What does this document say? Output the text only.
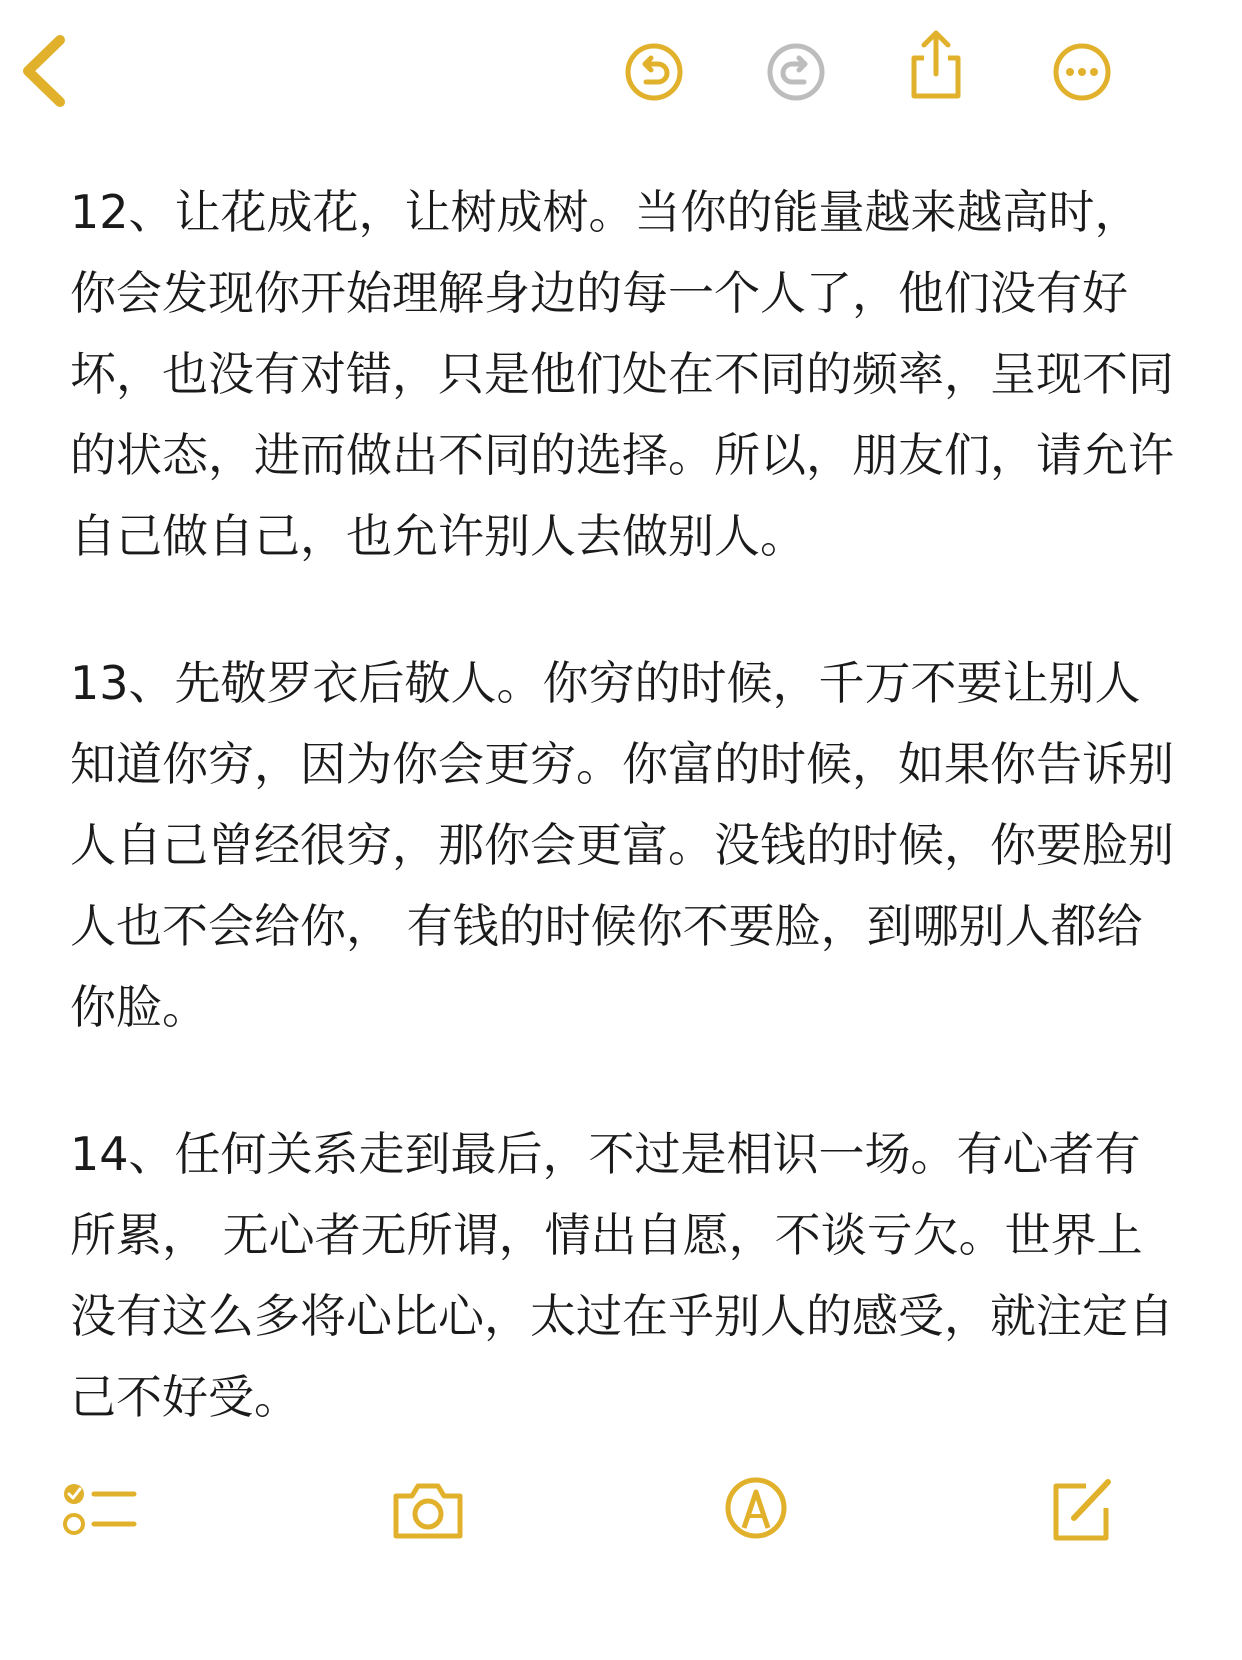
12、让花成花，让树成树。当你的能量越来越高时，你会发现你开始理解身边的每一个人了，他们没有好坏，也没有对错，只是他们处在不同的频率，呈现不同的状态，进而做出不同的选择。所以，朋友们，请允许自己做自己，也允许别人去做别人。

13、先敬罗衣后敬人。你穷的时候，千万不要让别人知道你穷，因为你会更穷。你富的时候，如果你告诉别人自己曾经很穷，那你会更富。没钱的时候，你要脸别人也不会给你， 有钱的时候你不要脸，到哪别人都给你脸。

14、任何关系走到最后，不过是相识一场。有心者有所累， 无心者无所谓，情出自愿，不谈亏欠。世界上没有这么多将心比心，太过在乎别人的感受，就注定自己不好受。
